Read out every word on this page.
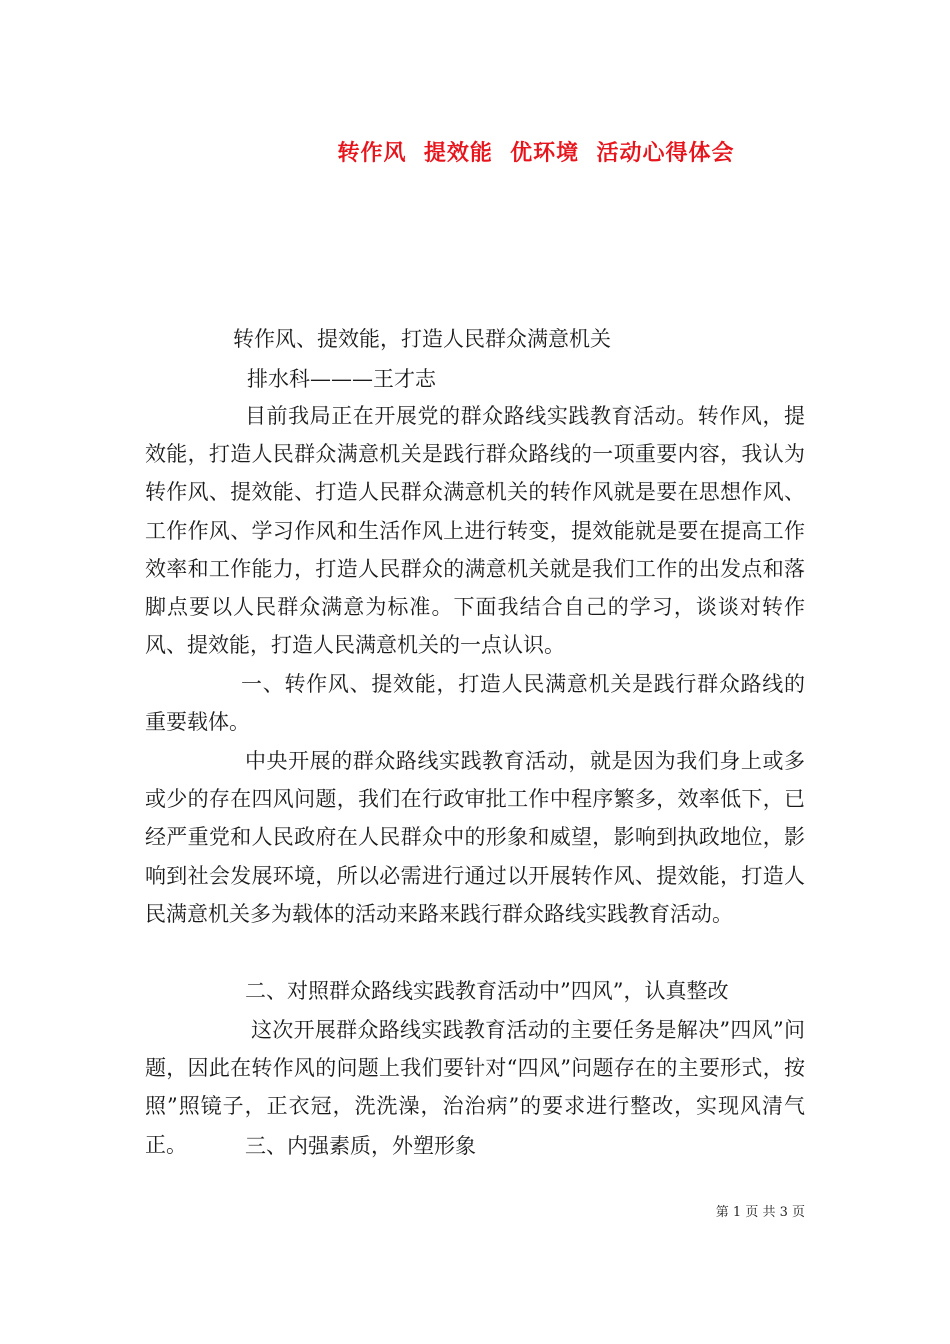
转作风  提效能  优环境  活动心得体会
转作风、提效能，打造人民群众满意机关
排水科———王才志

目前我局正在开展党的群众路线实践教育活动。转作风，提效能，打造人民群众满意机关是践行群众路线的一项重要内容，我认为转作风、提效能、打造人民群众满意机关的转作风就是要在思想作风、工作作风、学习作风和生活作风上进行转变，提效能就是要在提高工作效率和工作能力，打造人民群众的满意机关就是我们工作的出发点和落脚点要以人民群众满意为标准。下面我结合自己的学习，谈谈对转作风、提效能，打造人民满意机关的一点认识。

一、转作风、提效能，打造人民满意机关是践行群众路线的重要载体。

中央开展的群众路线实践教育活动，就是因为我们身上或多或少的存在四风问题，我们在行政审批工作中程序繁多，效率低下，已经严重党和人民政府在人民群众中的形象和威望，影响到执政地位，影响到社会发展环境，所以必需进行通过以开展转作风、提效能，打造人民满意机关多为载体的活动来路来践行群众路线实践教育活动。

二、对照群众路线实践教育活动中”四风”，认真整改

这次开展群众路线实践教育活动的主要任务是解决”四风”问题，因此在转作风的问题上我们要针对“四风”问题存在的主要形式，按照”照镜子，正衣冠，洗洗澡，治治病”的要求进行整改，实现风清气正。	三、内强素质，外塑形象

第 1 页 共 3 页
